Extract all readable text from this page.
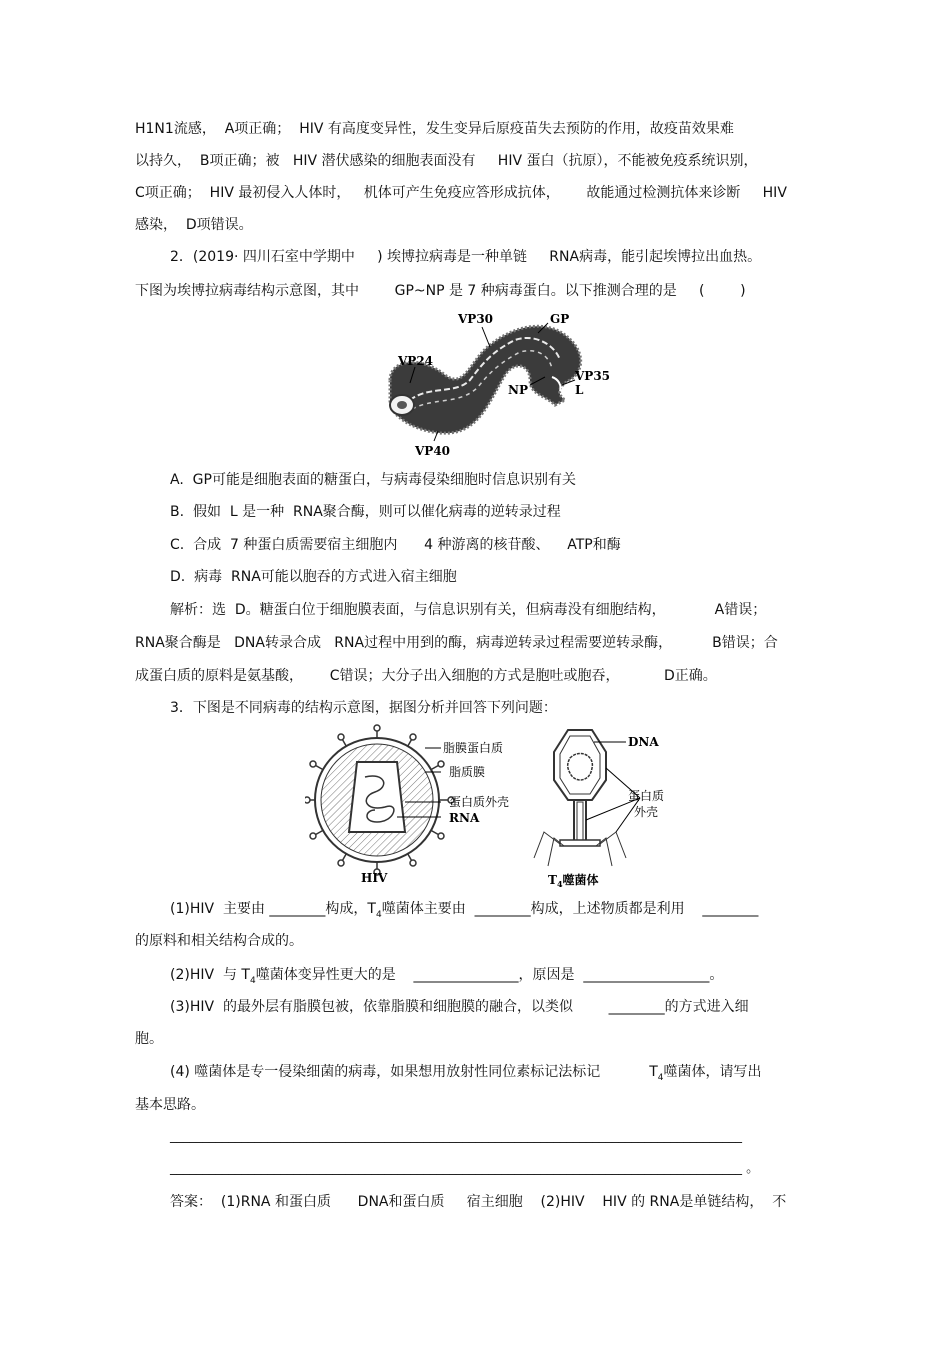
H1N1流感，  A项正确；  HIV 有高度变异性，发生变异后原疫苗失去预防的作用，故疫苗效果难
以持久，  B项正确；被   HIV 潜伏感染的细胞表面没有     HIV 蛋白（抗原），不能被免疫系统识别，
C项正确；  HIV 最初侵入人体时，   机体可产生免疫应答形成抗体，      故能通过检测抗体来诊断     HIV
感染，  D项错误。
2．(2019· 四川石室中学期中     ) 埃博拉病毒是一种单链     RNA病毒，能引起埃博拉出血热。
下图为埃博拉病毒结构示意图，其中        GP~NP 是 7 种病毒蛋白。以下推测合理的是     (        )
VP30	GP
VP24
VP35
NP	L
VP40
A.  GP可能是细胞表面的糖蛋白，与病毒侵染细胞时信息识别有关
B.  假如  L 是一种  RNA聚合酶，则可以催化病毒的逆转录过程
C.  合成  7 种蛋白质需要宿主细胞内      4 种游离的核苷酸、    ATP和酶
D.  病毒  RNA可能以胞吞的方式进入宿主细胞
解析：选  D。糖蛋白位于细胞膜表面，与信息识别有关，但病毒没有细胞结构，           A错误；
RNA聚合酶是   DNA转录合成   RNA过程中用到的酶，病毒逆转录过程需要逆转录酶，         B错误；合
成蛋白质的原料是氨基酸，      C错误；大分子出入细胞的方式是胞吐或胞吞，          D正确。
3．下图是不同病毒的结构示意图，据图分析并回答下列问题：
脂膜蛋白质
脂质膜
蛋白质外壳
RNA
HIV
DNA
蛋白质
外壳
$T_4$噬菌体
(1)HIV  主要由 ________构成，$T_4$噬菌体主要由  ________构成，上述物质都是利用    ________
的原料和相关结构合成的。
(2)HIV  与 $T_4$噬菌体变异性更大的是    _______________，原因是  __________________。
(3)HIV  的最外层有脂膜包被，依靠脂膜和细胞膜的融合，以类似        ________的方式进入细
胞。
(4) 噬菌体是专一侵染细菌的病毒，如果想用放射性同位素标记法标记           $T_4$噬菌体，请写出
基本思路。
________________________________________________________________________________________
________________________________________________________________________________________ 。
答案：  (1)RNA 和蛋白质      DNA和蛋白质     宿主细胞    (2)HIV    HIV 的 RNA是单链结构，  不
